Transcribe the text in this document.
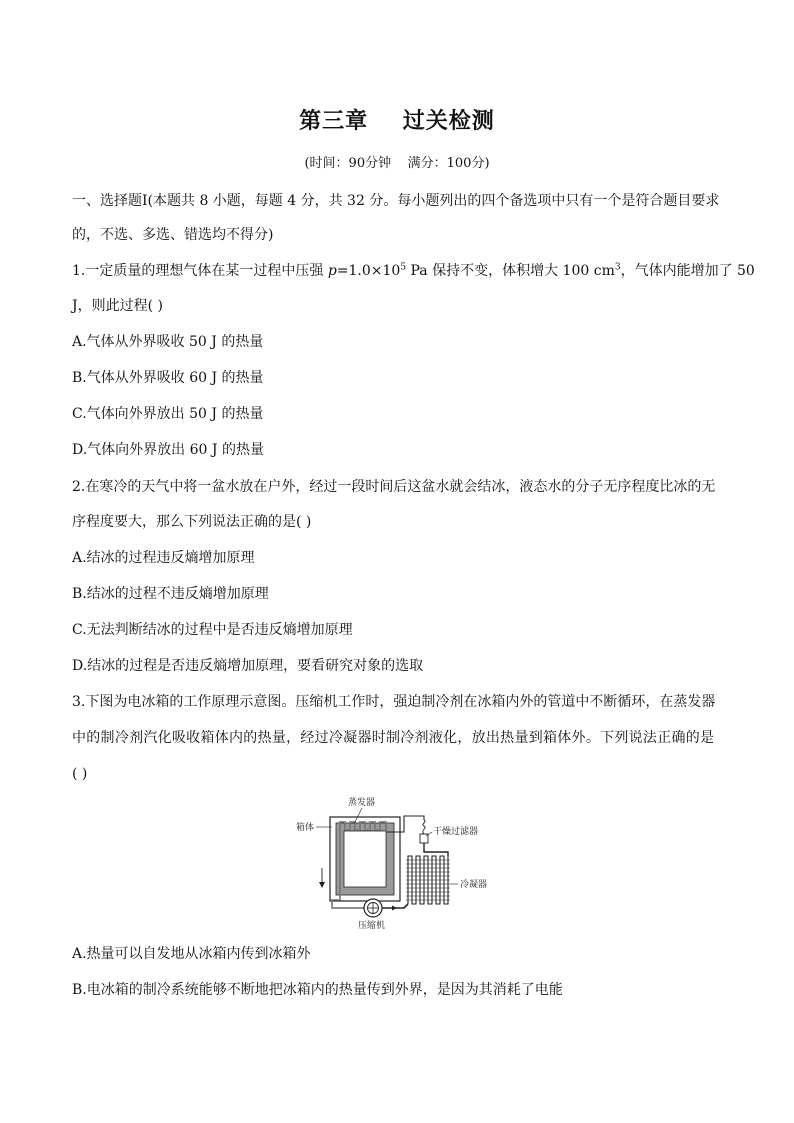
第三章    过关检测
(时间：90分钟    满分：100分)
一、选择题Ⅰ(本题共 8 小题，每题 4 分，共 32 分。每小题列出的四个备选项中只有一个是符合题目要求
的，不选、多选、错选均不得分)
1.一定质量的理想气体在某一过程中压强 $p=1.0\times 10^5$ Pa 保持不变，体积增大 100 $cm^3$，气体内能增加了 50
J，则此过程( )
A.气体从外界吸收 50 J 的热量
B.气体从外界吸收 60 J 的热量
C.气体向外界放出 50 J 的热量
D.气体向外界放出 60 J 的热量
2.在寒冷的天气中将一盆水放在户外，经过一段时间后这盆水就会结冰，液态水的分子无序程度比冰的无
序程度要大，那么下列说法正确的是( )
A.结冰的过程违反熵增加原理
B.结冰的过程不违反熵增加原理
C.无法判断结冰的过程中是否违反熵增加原理
D.结冰的过程是否违反熵增加原理，要看研究对象的选取
3.下图为电冰箱的工作原理示意图。压缩机工作时，强迫制冷剂在冰箱内外的管道中不断循环，在蒸发器
中的制冷剂汽化吸收箱体内的热量，经过冷凝器时制冷剂液化，放出热量到箱体外。下列说法正确的是
( )
蒸发器
箱体	干燥过滤器
冷凝器
压缩机
A.热量可以自发地从冰箱内传到冰箱外
B.电冰箱的制冷系统能够不断地把冰箱内的热量传到外界，是因为其消耗了电能
